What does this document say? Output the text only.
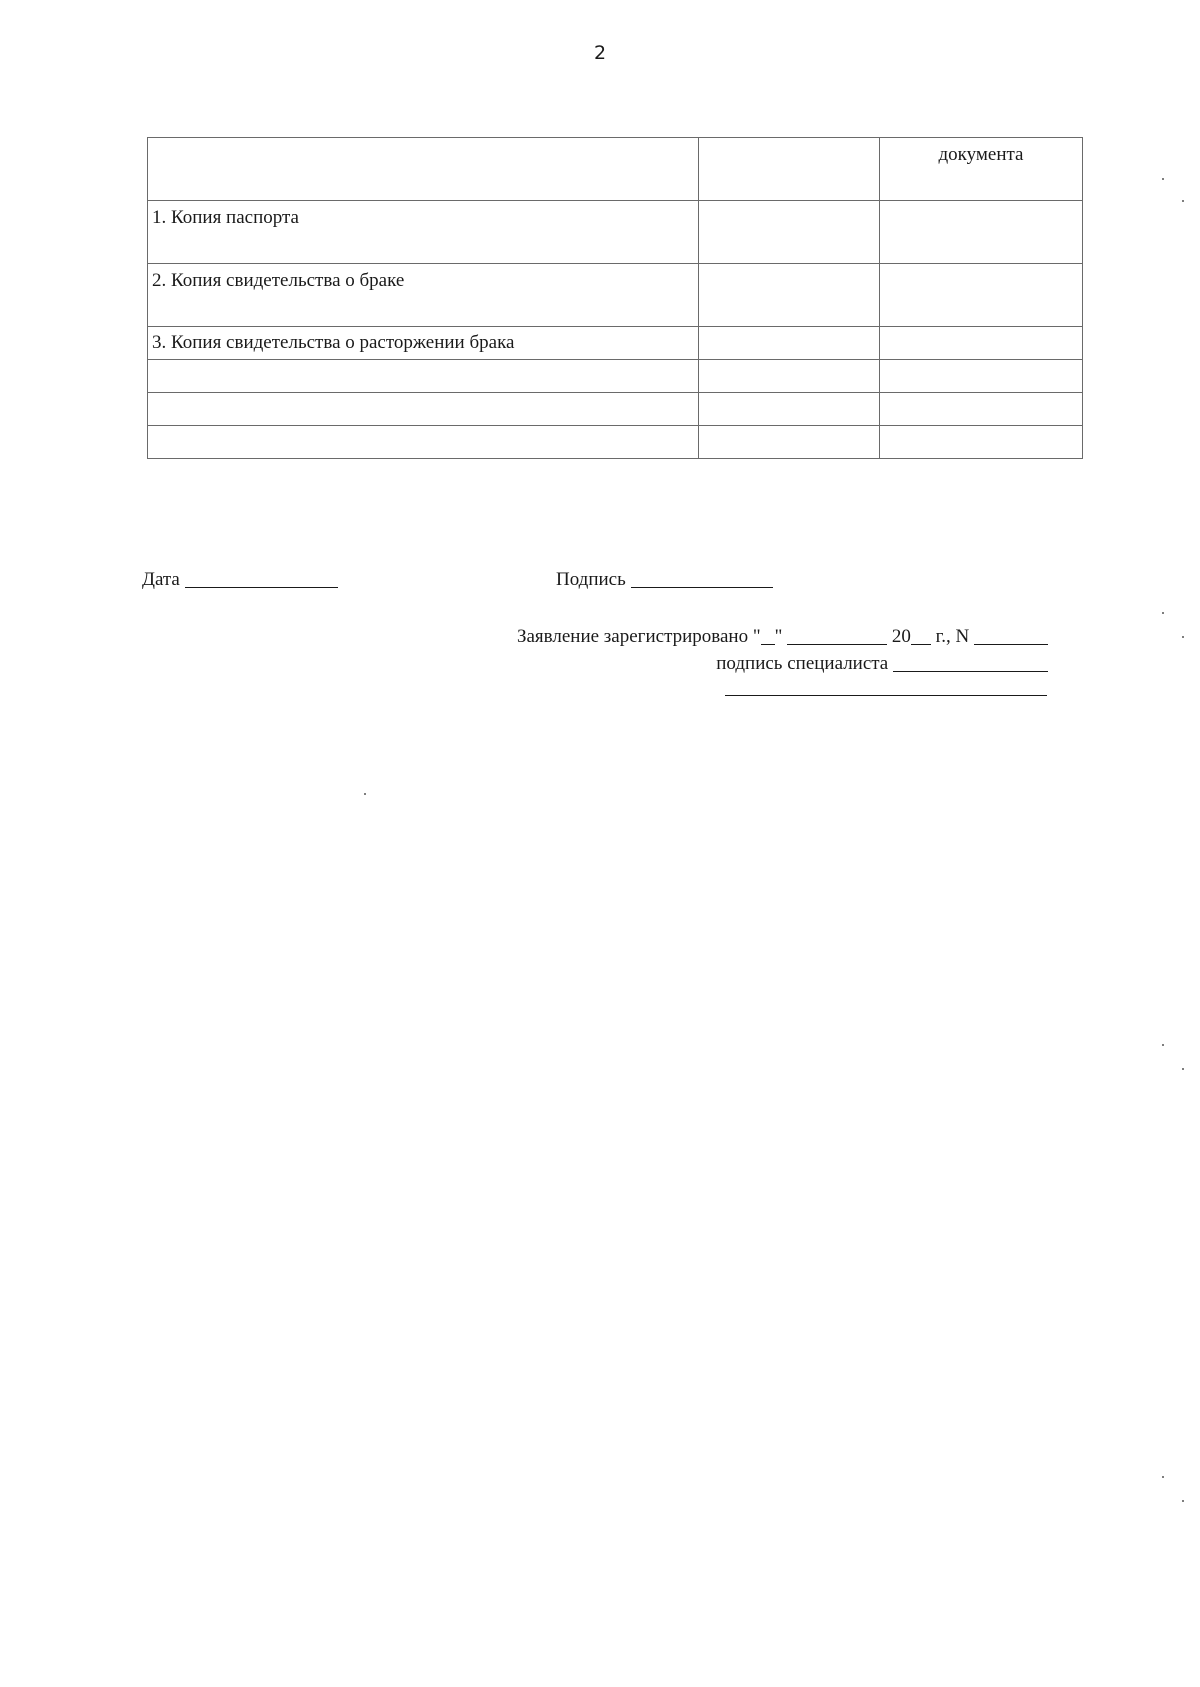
2
		документа
1. Копия паспорта		
2. Копия свидетельства о браке		
3. Копия свидетельства о расторжении брака		

Дата	Подпись
Заявление зарегистрировано " "	20 г., N
подпись специалиста
